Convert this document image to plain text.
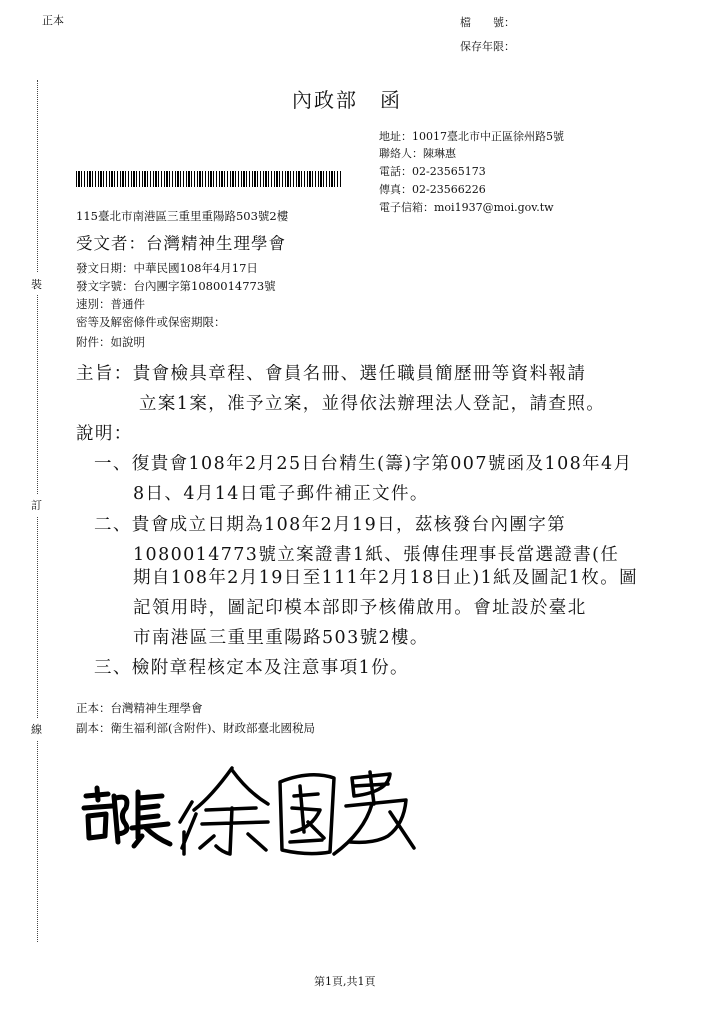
裝
訂
線

正本	檔　　號：

保存年限：

內政部　函

地址：10017臺北市中正區徐州路5號

聯絡人：陳琳惠

電話：02-23565173

傳真：02-23566226

電子信箱：moi1937@moi.gov.tw

115臺北市南港區三重里重陽路503號2樓

受文者：台灣精神生理學會

發文日期：中華民國108年4月17日

發文字號：台內團字第1080014773號

速別：普通件

密等及解密條件或保密期限：

附件：如說明

主旨：貴會檢具章程、會員名冊、選任職員簡歷冊等資料報請

立案1案，准予立案，並得依法辦理法人登記，請查照。

說明：

一、復貴會108年2月25日台精生(籌)字第007號函及108年4月

8日、4月14日電子郵件補正文件。

二、貴會成立日期為108年2月19日，茲核發台內團字第

1080014773號立案證書1紙、張傳佳理事長當選證書(任

期自108年2月19日至111年2月18日止)1紙及圖記1枚。圖

記領用時，圖記印模本部即予核備啟用。會址設於臺北

市南港區三重里重陽路503號2樓。

三、檢附章程核定本及注意事項1份。

正本：台灣精神生理學會

副本：衛生福利部(含附件)、財政部臺北國稅局

第1頁,共1頁
